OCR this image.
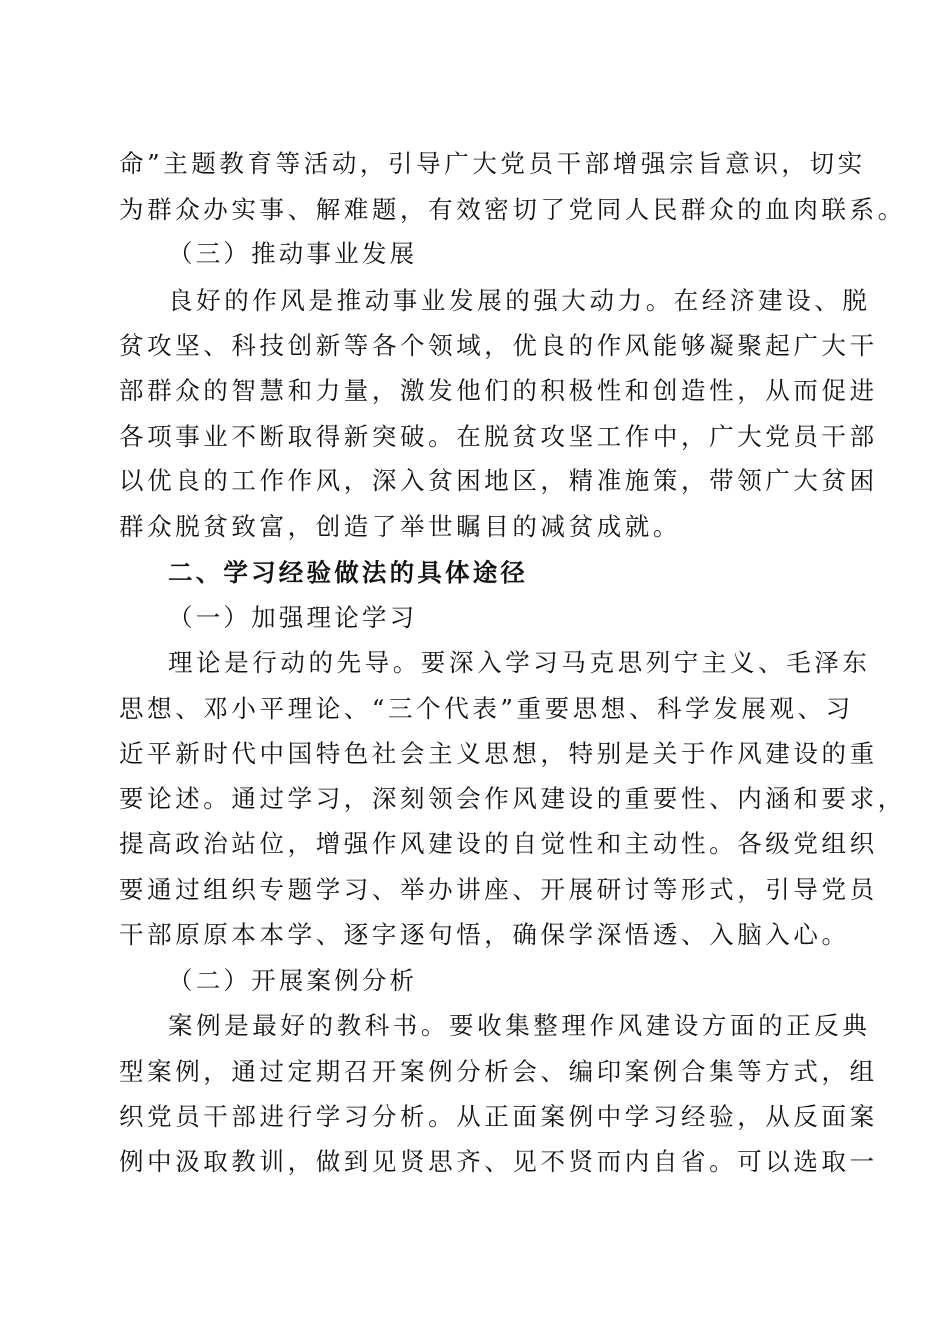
命”主题教育等活动，引导广大党员干部增强宗旨意识，切实
为群众办实事、解难题，有效密切了党同人民群众的血肉联系。
（三）推动事业发展
良好的作风是推动事业发展的强大动力。在经济建设、脱
贫攻坚、科技创新等各个领域，优良的作风能够凝聚起广大干
部群众的智慧和力量，激发他们的积极性和创造性，从而促进
各项事业不断取得新突破。在脱贫攻坚工作中，广大党员干部
以优良的工作作风，深入贫困地区，精准施策，带领广大贫困
群众脱贫致富，创造了举世瞩目的减贫成就。
二、学习经验做法的具体途径
（一）加强理论学习
理论是行动的先导。要深入学习马克思列宁主义、毛泽东
思想、邓小平理论、“三个代表”重要思想、科学发展观、习
近平新时代中国特色社会主义思想，特别是关于作风建设的重
要论述。通过学习，深刻领会作风建设的重要性、内涵和要求，
提高政治站位，增强作风建设的自觉性和主动性。各级党组织
要通过组织专题学习、举办讲座、开展研讨等形式，引导党员
干部原原本本学、逐字逐句悟，确保学深悟透、入脑入心。
（二）开展案例分析
案例是最好的教科书。要收集整理作风建设方面的正反典
型案例，通过定期召开案例分析会、编印案例合集等方式，组
织党员干部进行学习分析。从正面案例中学习经验，从反面案
例中汲取教训，做到见贤思齐、见不贤而内自省。可以选取一
